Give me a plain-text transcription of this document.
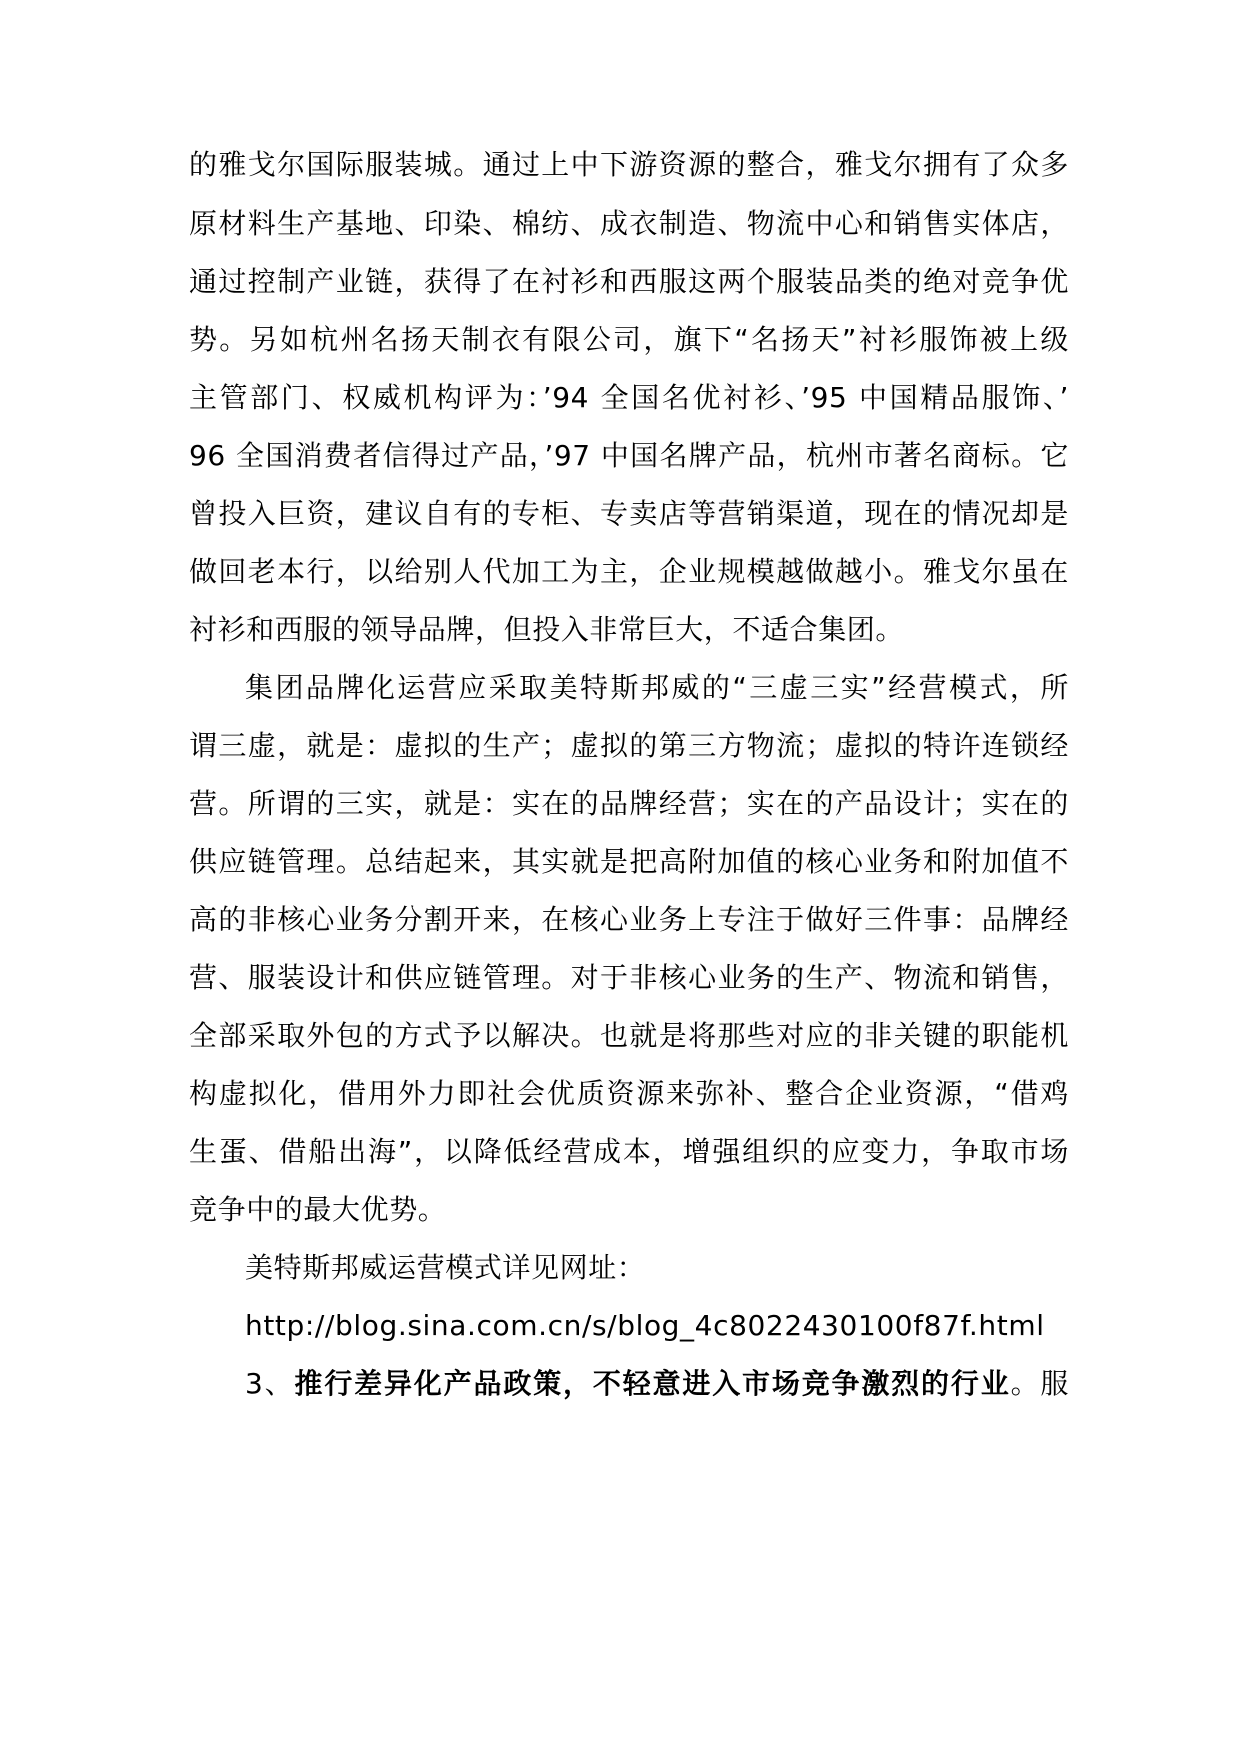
的雅戈尔国际服装城。通过上中下游资源的整合，雅戈尔拥有了众多
原材料生产基地、印染、棉纺、成衣制造、物流中心和销售实体店，
通过控制产业链，获得了在衬衫和西服这两个服装品类的绝对竞争优
势。另如杭州名扬天制衣有限公司，旗下“名扬天”衬衫服饰被上级
主管部门、权威机构评为：’94 全国名优衬衫、’95 中国精品服饰、’
96 全国消费者信得过产品，’97 中国名牌产品，杭州市著名商标。它
曾投入巨资，建议自有的专柜、专卖店等营销渠道，现在的情况却是
做回老本行，以给别人代加工为主，企业规模越做越小。雅戈尔虽在
衬衫和西服的领导品牌，但投入非常巨大，不适合集团。
集团品牌化运营应采取美特斯邦威的“三虚三实”经营模式，所
谓三虚，就是：虚拟的生产；虚拟的第三方物流；虚拟的特许连锁经
营。所谓的三实，就是：实在的品牌经营；实在的产品设计；实在的
供应链管理。总结起来，其实就是把高附加值的核心业务和附加值不
高的非核心业务分割开来，在核心业务上专注于做好三件事：品牌经
营、服装设计和供应链管理。对于非核心业务的生产、物流和销售，
全部采取外包的方式予以解决。也就是将那些对应的非关键的职能机
构虚拟化，借用外力即社会优质资源来弥补、整合企业资源，“借鸡
生蛋、借船出海”，以降低经营成本，增强组织的应变力，争取市场
竞争中的最大优势。
美特斯邦威运营模式详见网址：
http://blog.sina.com.cn/s/blog_4c8022430100f87f.html
3、推行差异化产品政策，不轻意进入市场竞争激烈的行业。服
